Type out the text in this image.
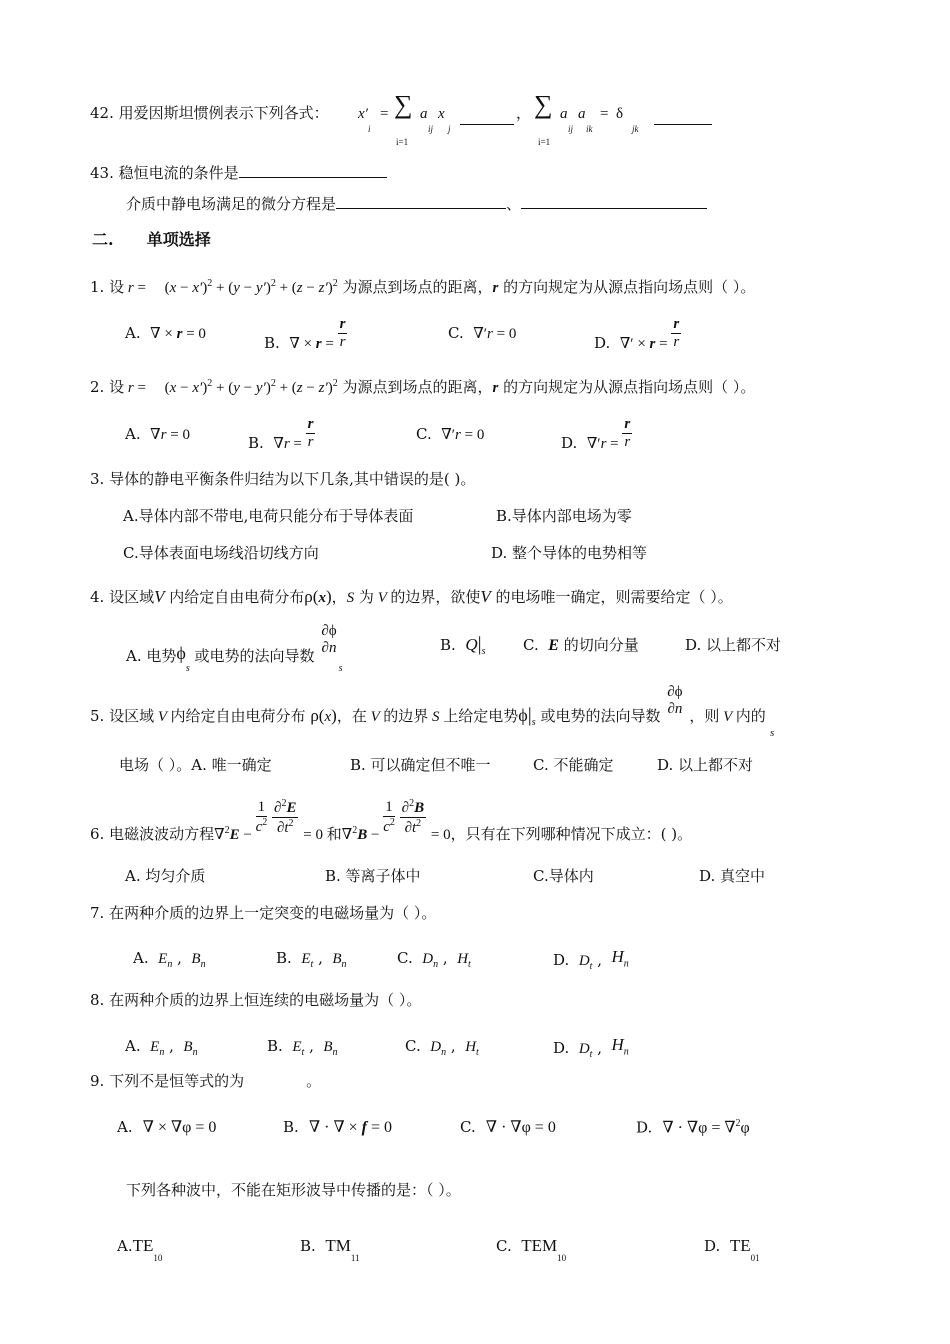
42. 用爱因斯坦惯例表示下列各式： x′
i
= ∑
i=1
a
ij
x
j
， ∑
i=1
a
ij
a
ik
= δ
jk
43. 稳恒电流的条件是
介质中静电场满足的微分方程是	、
二. 单项选择
1. 设 r =     $(x - x')^2 + (y - y')^2 + (z - z')^2$ 为源点到场点的距离，r 的方向规定为从源点指向场点则（ ）。
A. ∇ × r = 0	B. ∇ × $r = \frac{r}{r}$	C. ∇′r = 0	D. ∇′ × $r = \frac{r}{r}$
2. 设 r =     $(x - x')^2 + (y - y')^2 + (z - z')^2$ 为源点到场点的距离，r 的方向规定为从源点指向场点则（ ）。
A. ∇r = 0	B. $\nabla r = \frac{r}{r}$	C. ∇′r = 0	D. $\nabla'r = \frac{r}{r}$
3. 导体的静电平衡条件归结为以下几条,其中错误的是( )。
A.导体内部不带电,电荷只能分布于导体表面	B.导体内部电场为零
C.导体表面电场线沿切线方向	D. 整个导体的电势相等
4. 设区域V 内给定自由电荷分布ρ(x)，S 为 V 的边界，欲使V 的电场唯一确定，则需要给定（ ）。
A. 电势$\phi_s$ 或电势的法向导数
∂ϕ
∂n
$_s$
B. $Q|_s$ C. E 的切向分量	D. 以上都不对
5. 设区域 V 内给定自由电荷分布 ρ(x)，在 V 的边界 S 上给定电势$\phi|_s$ 或电势的法向导数
∂ϕ
∂n ，则 V 内的
s
电场（ ）。A. 唯一确定	B. 可以确定但不唯一	C. 不能确定	D. 以上都不对
6. 电磁波波动方程$\nabla^2E - \frac{1}{c^2}$
$\frac{\partial^2E}{\partial t^2} = 0$ 和$\nabla^2B - \frac{1}{c^2}$
$\frac{\partial^2B}{\partial t^2} = 0$，只有在下列哪种情况下成立：( )。
A. 均匀介质	B. 等离子体中	C.导体内	D. 真空中
7. 在两种介质的边界上一定突变的电磁场量为（ ）。
A. $E_n$ ,  $B_n$	B. $E_t$ ,  $B_n$	C. $D_n$ ,  $H_t$	D. $D_t$ ,  $H_n$
8. 在两种介质的边界上恒连续的电磁场量为（ ）。
A. $E_n$ ,  $B_n$	B. $E_t$ ,  $B_n$	C. $D_n$ ,  $H_t$	D. $D_t$ ,  $H_n$
9. 下列不是恒等式的为	。
A. ∇ × ∇φ = 0	B. ∇ · ∇ × f = 0	C. ∇ · ∇φ = 0	D. ∇ · ∇φ = ∇$^2$φ
下列各种波中，不能在矩形波导中传播的是：（ ）。
$A.TE_{10}$
B. $TM_{11}$
C. $TEM_{10}$
D. $TE_{01}$
